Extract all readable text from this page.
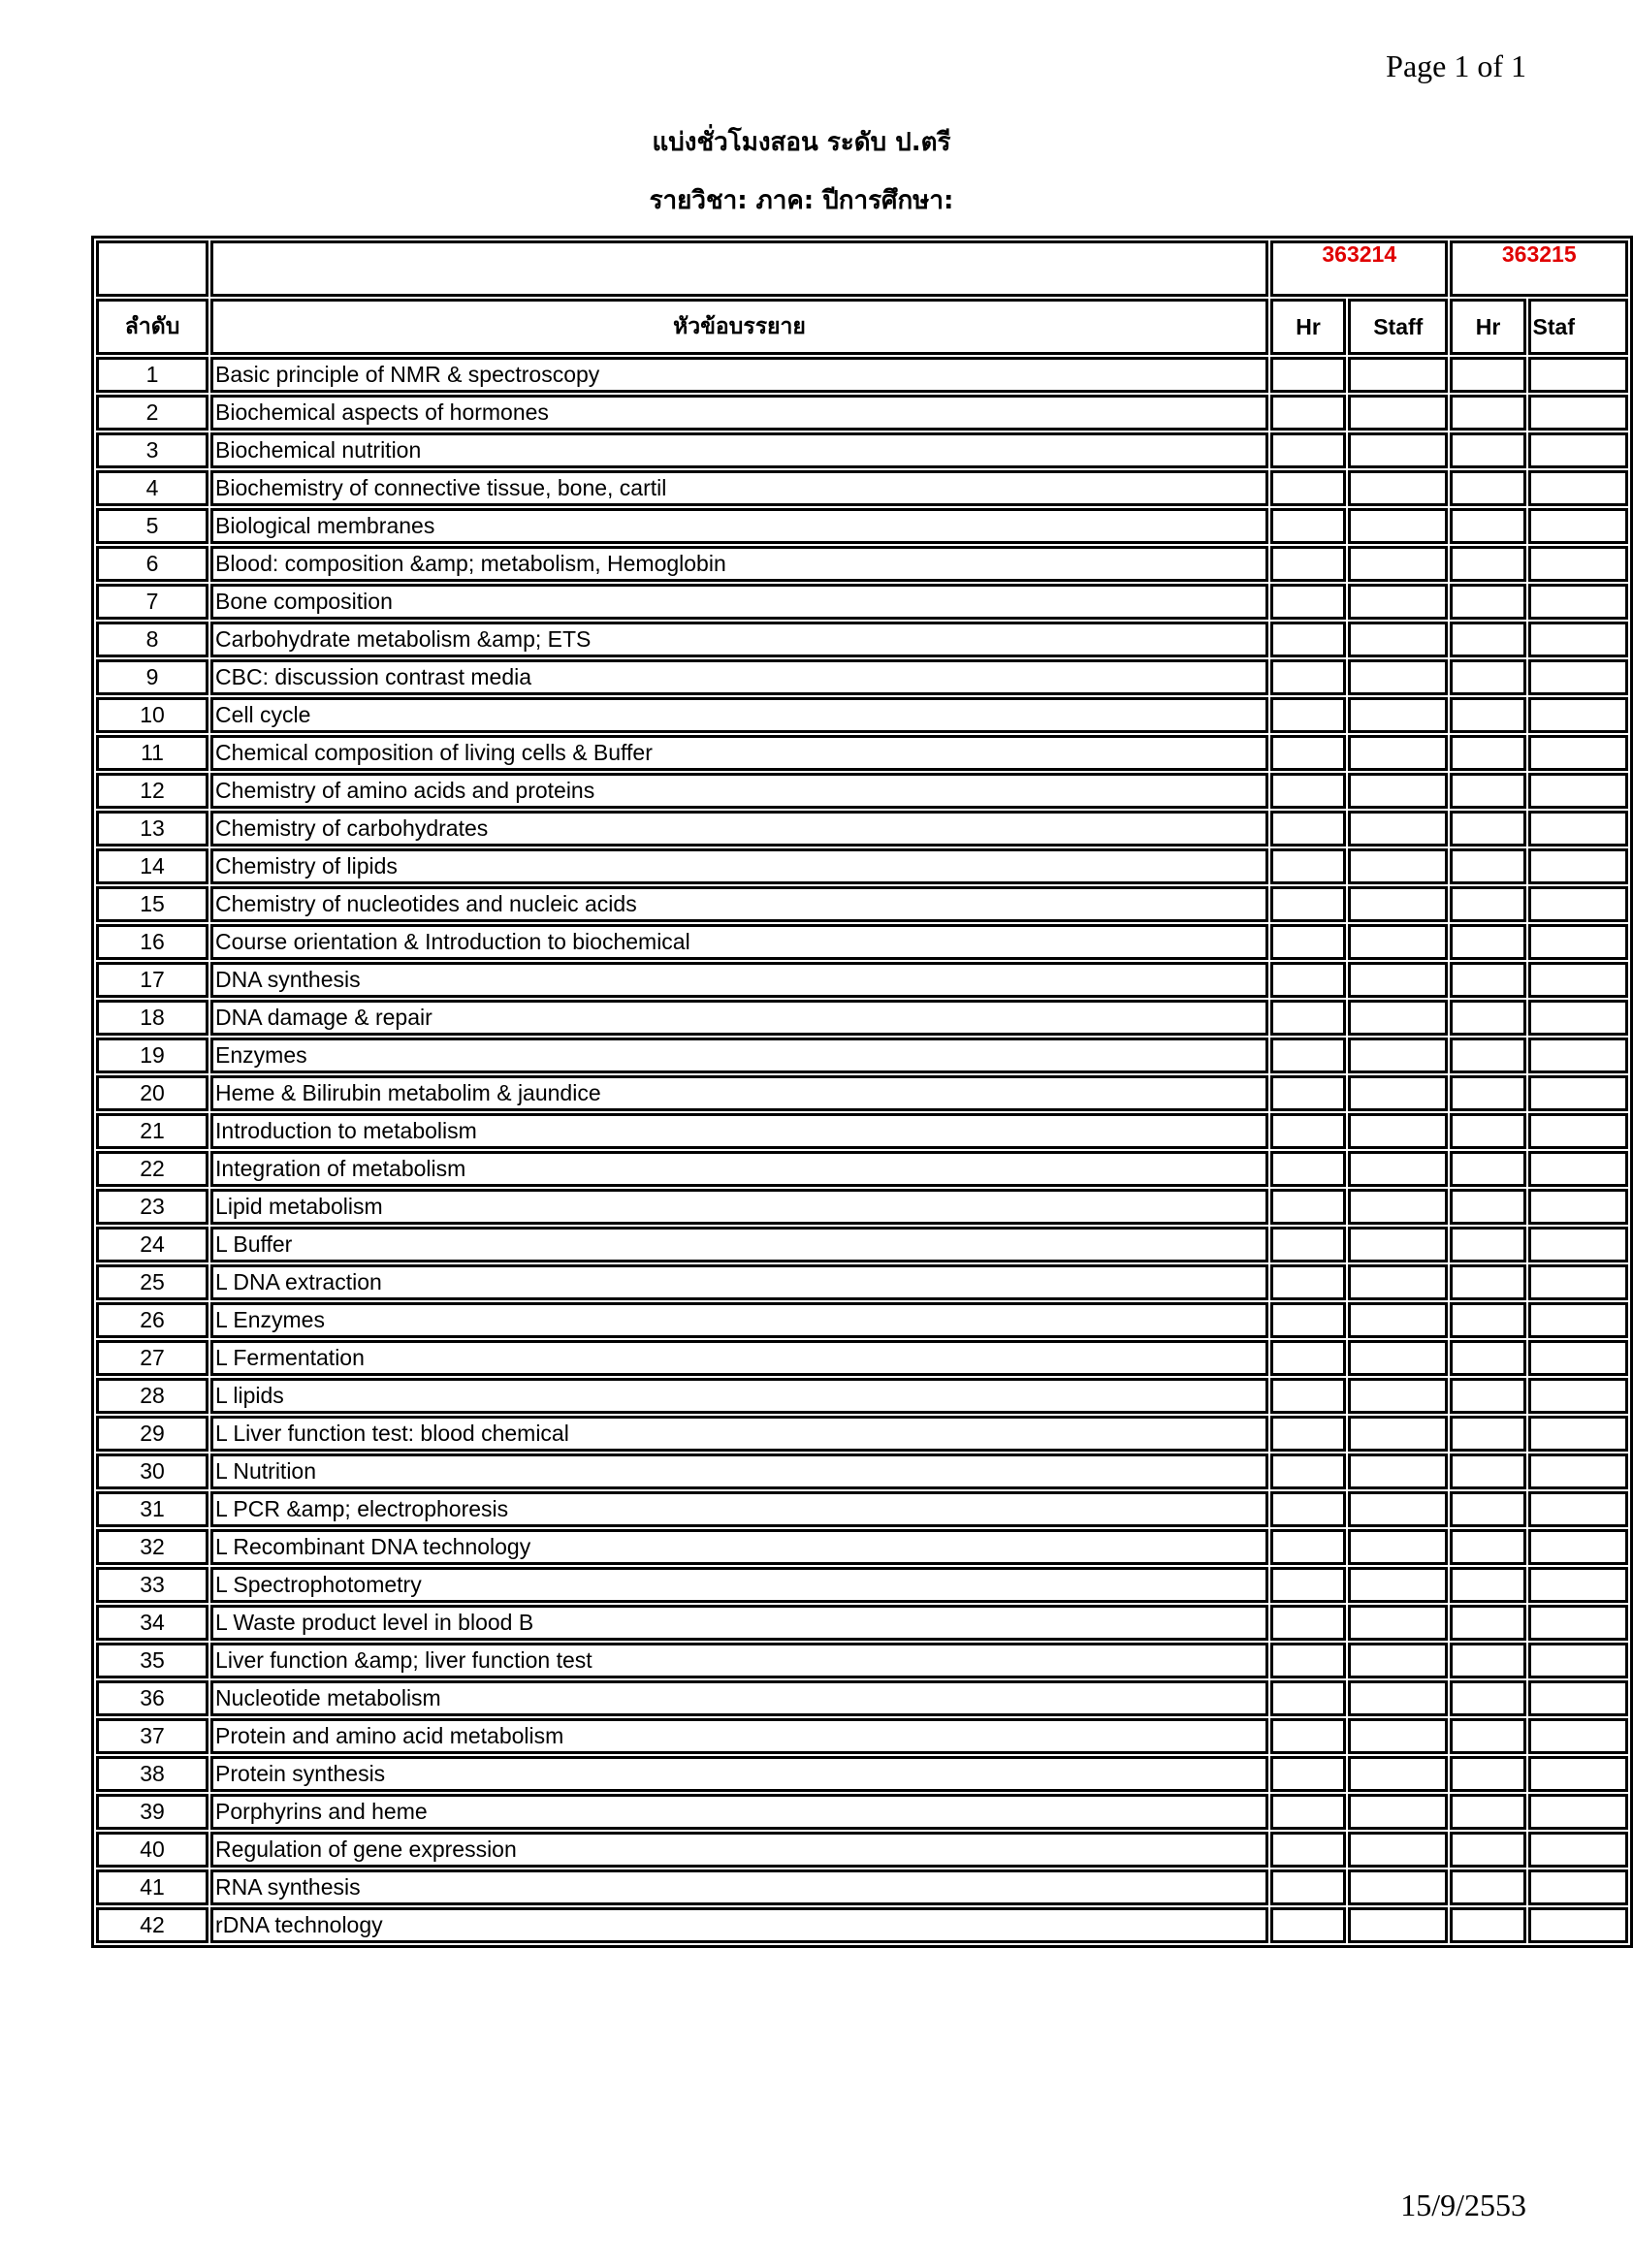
Page 1 of 1
แบ่งชั่วโมงสอน ระดับ ป.ตรี
รายวิชา: ภาค: ปีการศึกษา:
		363214		363215	
ลำดับ	หัวข้อบรรยาย	Hr	Staff	Hr	Staf
1	Basic principle of NMR & spectroscopy				
2	Biochemical aspects of hormones				
3	Biochemical nutrition				
4	Biochemistry of connective tissue, bone, cartil				
5	Biological membranes				
6	Blood: composition &amp; metabolism, Hemoglobin				
7	Bone composition				
8	Carbohydrate metabolism &amp; ETS				
9	CBC: discussion contrast media				
10	Cell cycle				
11	Chemical composition of living cells & Buffer				
12	Chemistry of amino acids and proteins				
13	Chemistry of carbohydrates				
14	Chemistry of lipids				
15	Chemistry of nucleotides and nucleic acids				
16	Course orientation & Introduction to biochemical				
17	DNA synthesis				
18	DNA damage & repair				
19	Enzymes				
20	Heme & Bilirubin metabolim & jaundice				
21	Introduction to metabolism				
22	Integration of metabolism				
23	Lipid metabolism				
24	L Buffer				
25	L DNA extraction				
26	L Enzymes				
27	L Fermentation				
28	L lipids				
29	L Liver function test: blood chemical				
30	L Nutrition				
31	L PCR &amp; electrophoresis				
32	L Recombinant DNA technology				
33	L Spectrophotometry				
34	L Waste product level in blood B				
35	Liver function &amp; liver function test				
36	Nucleotide metabolism				
37	Protein and amino acid metabolism				
38	Protein synthesis				
39	Porphyrins and heme				
40	Regulation of gene expression				
41	RNA synthesis				
42	rDNA technology				
15/9/2553
